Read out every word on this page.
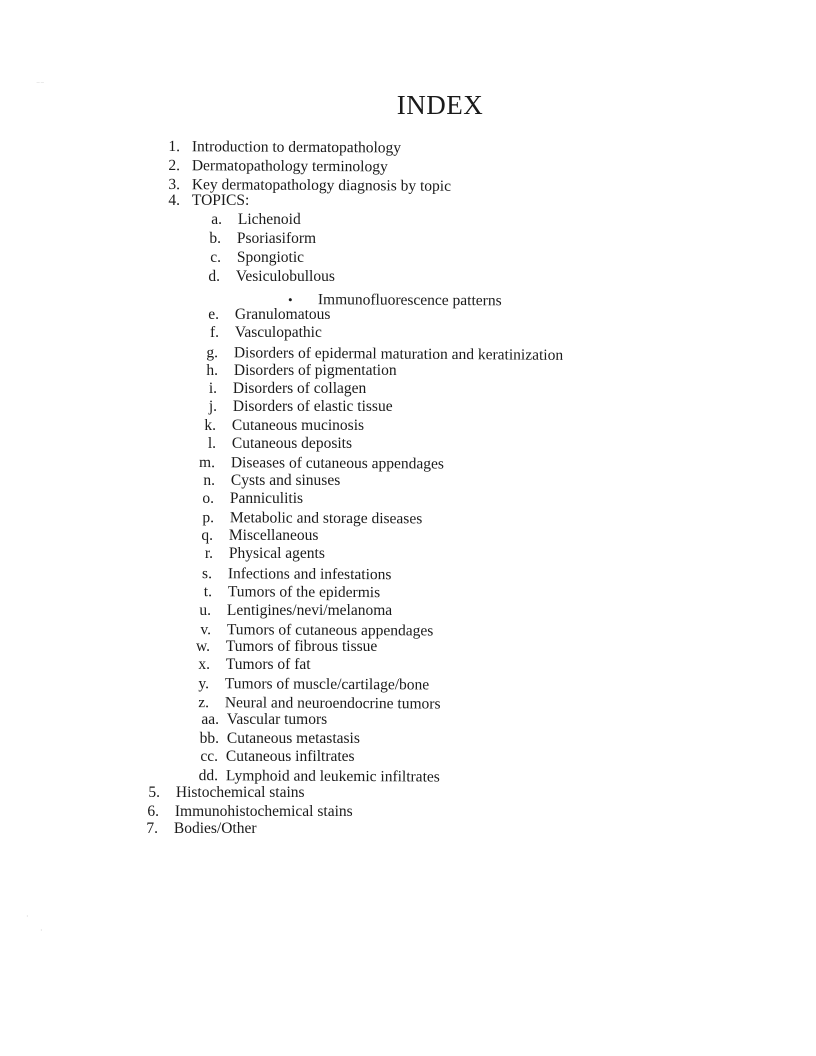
⁻⁻
·
·
INDEX
1. Introduction to dermatopathology
2. Dermatopathology terminology
3. Key dermatopathology diagnosis by topic
4. TOPICS:
a. Lichenoid
b. Psoriasiform
c. Spongiotic
d. Vesiculobullous
• Immunofluorescence patterns
e. Granulomatous
f. Vasculopathic
g. Disorders of epidermal maturation and keratinization
h. Disorders of pigmentation
i. Disorders of collagen
j. Disorders of elastic tissue
k. Cutaneous mucinosis
l. Cutaneous deposits
m. Diseases of cutaneous appendages
n. Cysts and sinuses
o. Panniculitis
p. Metabolic and storage diseases
q. Miscellaneous
r. Physical agents
s. Infections and infestations
t. Tumors of the epidermis
u. Lentigines/nevi/melanoma
v. Tumors of cutaneous appendages
w. Tumors of fibrous tissue
x. Tumors of fat
y. Tumors of muscle/cartilage/bone
z. Neural and neuroendocrine tumors
aa. Vascular tumors
bb. Cutaneous metastasis
cc. Cutaneous infiltrates
dd. Lymphoid and leukemic infiltrates
5. Histochemical stains
6. Immunohistochemical stains
7. Bodies/Other
